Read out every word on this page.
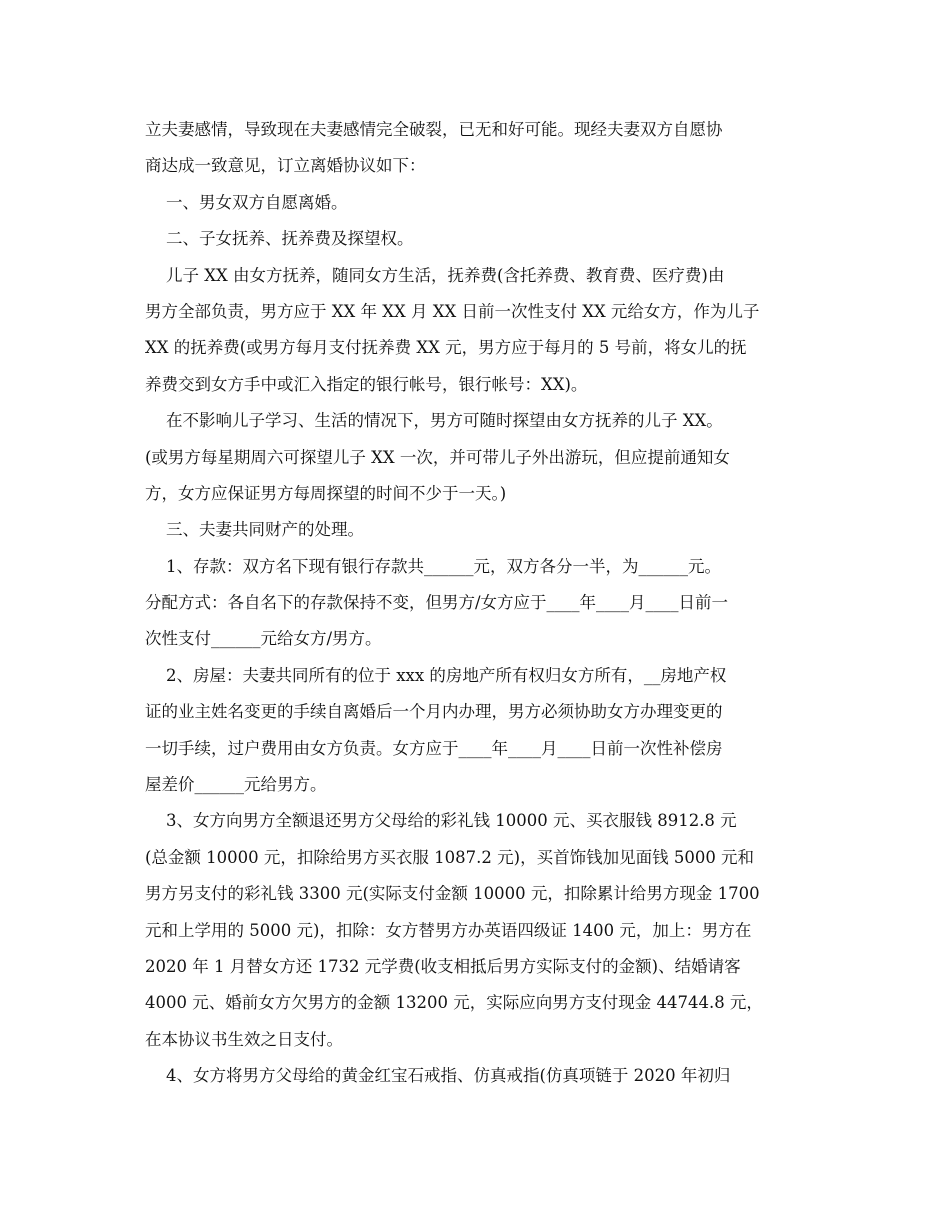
立夫妻感情，导致现在夫妻感情完全破裂，已无和好可能。现经夫妻双方自愿协
商达成一致意见，订立离婚协议如下：
一、男女双方自愿离婚。
二、子女抚养、抚养费及探望权。
儿子 XX 由女方抚养，随同女方生活，抚养费(含托养费、教育费、医疗费)由
男方全部负责，男方应于 XX 年 XX 月 XX 日前一次性支付 XX 元给女方，作为儿子
XX 的抚养费(或男方每月支付抚养费 XX 元，男方应于每月的 5 号前，将女儿的抚
养费交到女方手中或汇入指定的银行帐号，银行帐号：XX)。
在不影响儿子学习、生活的情况下，男方可随时探望由女方抚养的儿子 XX。
(或男方每星期周六可探望儿子 XX 一次，并可带儿子外出游玩，但应提前通知女
方，女方应保证男方每周探望的时间不少于一天。)
三、夫妻共同财产的处理。
1、存款：双方名下现有银行存款共______元，双方各分一半，为______元。
分配方式：各自名下的存款保持不变，但男方/女方应于____年____月____日前一
次性支付______元给女方/男方。
2、房屋：夫妻共同所有的位于 xxx 的房地产所有权归女方所有，__房地产权
证的业主姓名变更的手续自离婚后一个月内办理，男方必须协助女方办理变更的
一切手续，过户费用由女方负责。女方应于____年____月____日前一次性补偿房
屋差价______元给男方。
3、女方向男方全额退还男方父母给的彩礼钱 10000 元、买衣服钱 8912.8 元
(总金额 10000 元，扣除给男方买衣服 1087.2 元)，买首饰钱加见面钱 5000 元和
男方另支付的彩礼钱 3300 元(实际支付金额 10000 元，扣除累计给男方现金 1700
元和上学用的 5000 元)，扣除：女方替男方办英语四级证 1400 元，加上：男方在
2020 年 1 月替女方还 1732 元学费(收支相抵后男方实际支付的金额)、结婚请客
4000 元、婚前女方欠男方的金额 13200 元，实际应向男方支付现金 44744.8 元，
在本协议书生效之日支付。
4、女方将男方父母给的黄金红宝石戒指、仿真戒指(仿真项链于 2020 年初归
